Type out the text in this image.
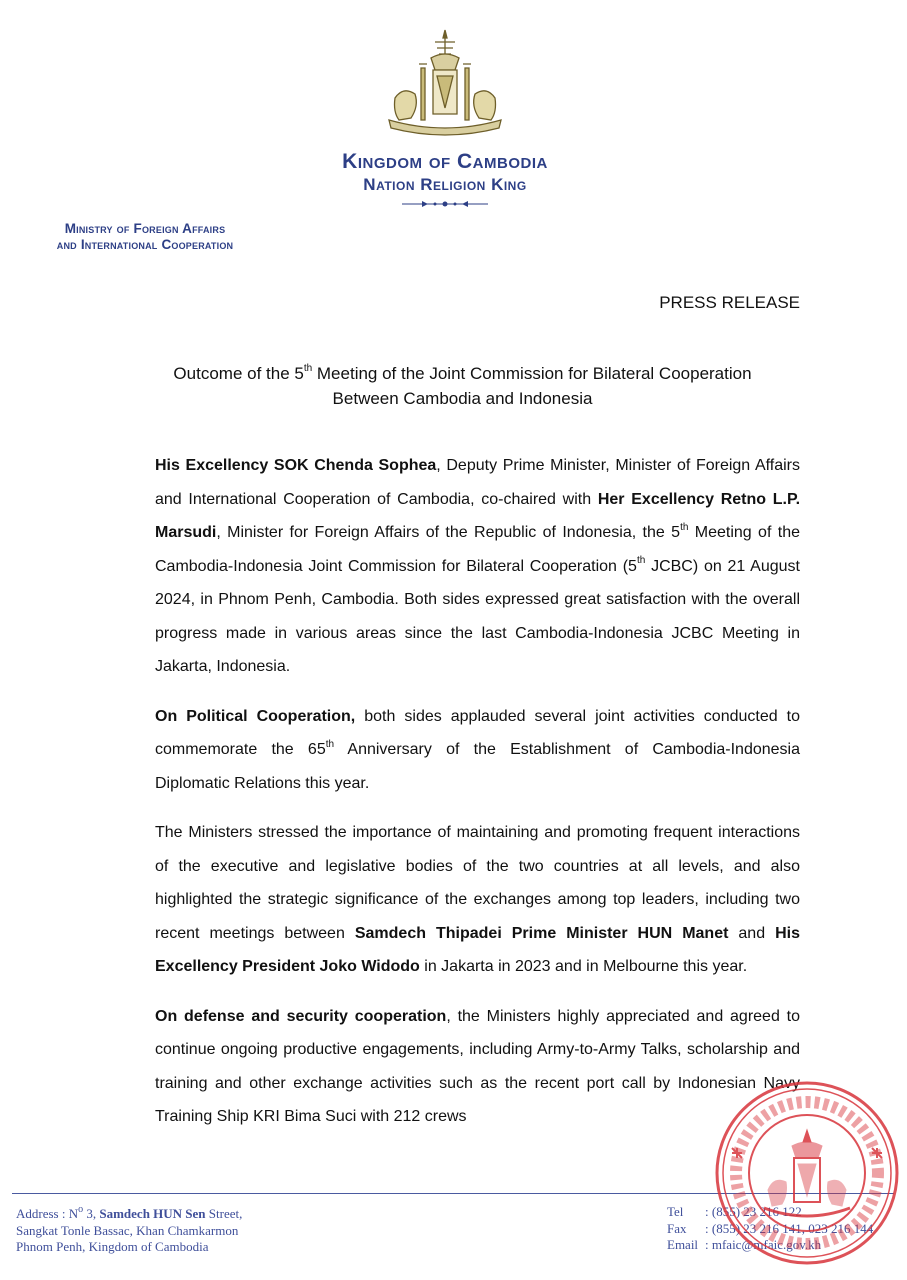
Kingdom of Cambodia
Nation Religion King
Ministry of Foreign Affairs
and International Cooperation
PRESS RELEASE
Outcome of the 5th Meeting of the Joint Commission for Bilateral Cooperation
Between Cambodia and Indonesia

His Excellency SOK Chenda Sophea, Deputy Prime Minister, Minister of Foreign Affairs and International Cooperation of Cambodia, co-chaired with Her Excellency Retno L.P. Marsudi, Minister for Foreign Affairs of the Republic of Indonesia, the 5th Meeting of the Cambodia-Indonesia Joint Commission for Bilateral Cooperation (5th JCBC) on 21 August 2024, in Phnom Penh, Cambodia. Both sides expressed great satisfaction with the overall progress made in various areas since the last Cambodia-Indonesia JCBC Meeting in Jakarta, Indonesia.

On Political Cooperation, both sides applauded several joint activities conducted to commemorate the 65th Anniversary of the Establishment of Cambodia-Indonesia Diplomatic Relations this year.

The Ministers stressed the importance of maintaining and promoting frequent interactions of the executive and legislative bodies of the two countries at all levels, and also highlighted the strategic significance of the exchanges among top leaders, including two recent meetings between Samdech Thipadei Prime Minister HUN Manet and His Excellency President Joko Widodo in Jakarta in 2023 and in Melbourne this year.

On defense and security cooperation, the Ministers highly appreciated and agreed to continue ongoing productive engagements, including Army-to-Army Talks, scholarship and training and other exchange activities such as the recent port call by Indonesian Navy Training Ship KRI Bima Suci with 212 crews

Address : $N^o$ 3, Samdech HUN Sen Street,
Sangkat Tonle Bassac, Khan Chamkarmon
Phnom Penh, Kingdom of Cambodia
Tel : (855) 23 216 122
Fax : (855) 23 216 141, 023 216 144
Email : mfaic@mfaic.gov.kh
